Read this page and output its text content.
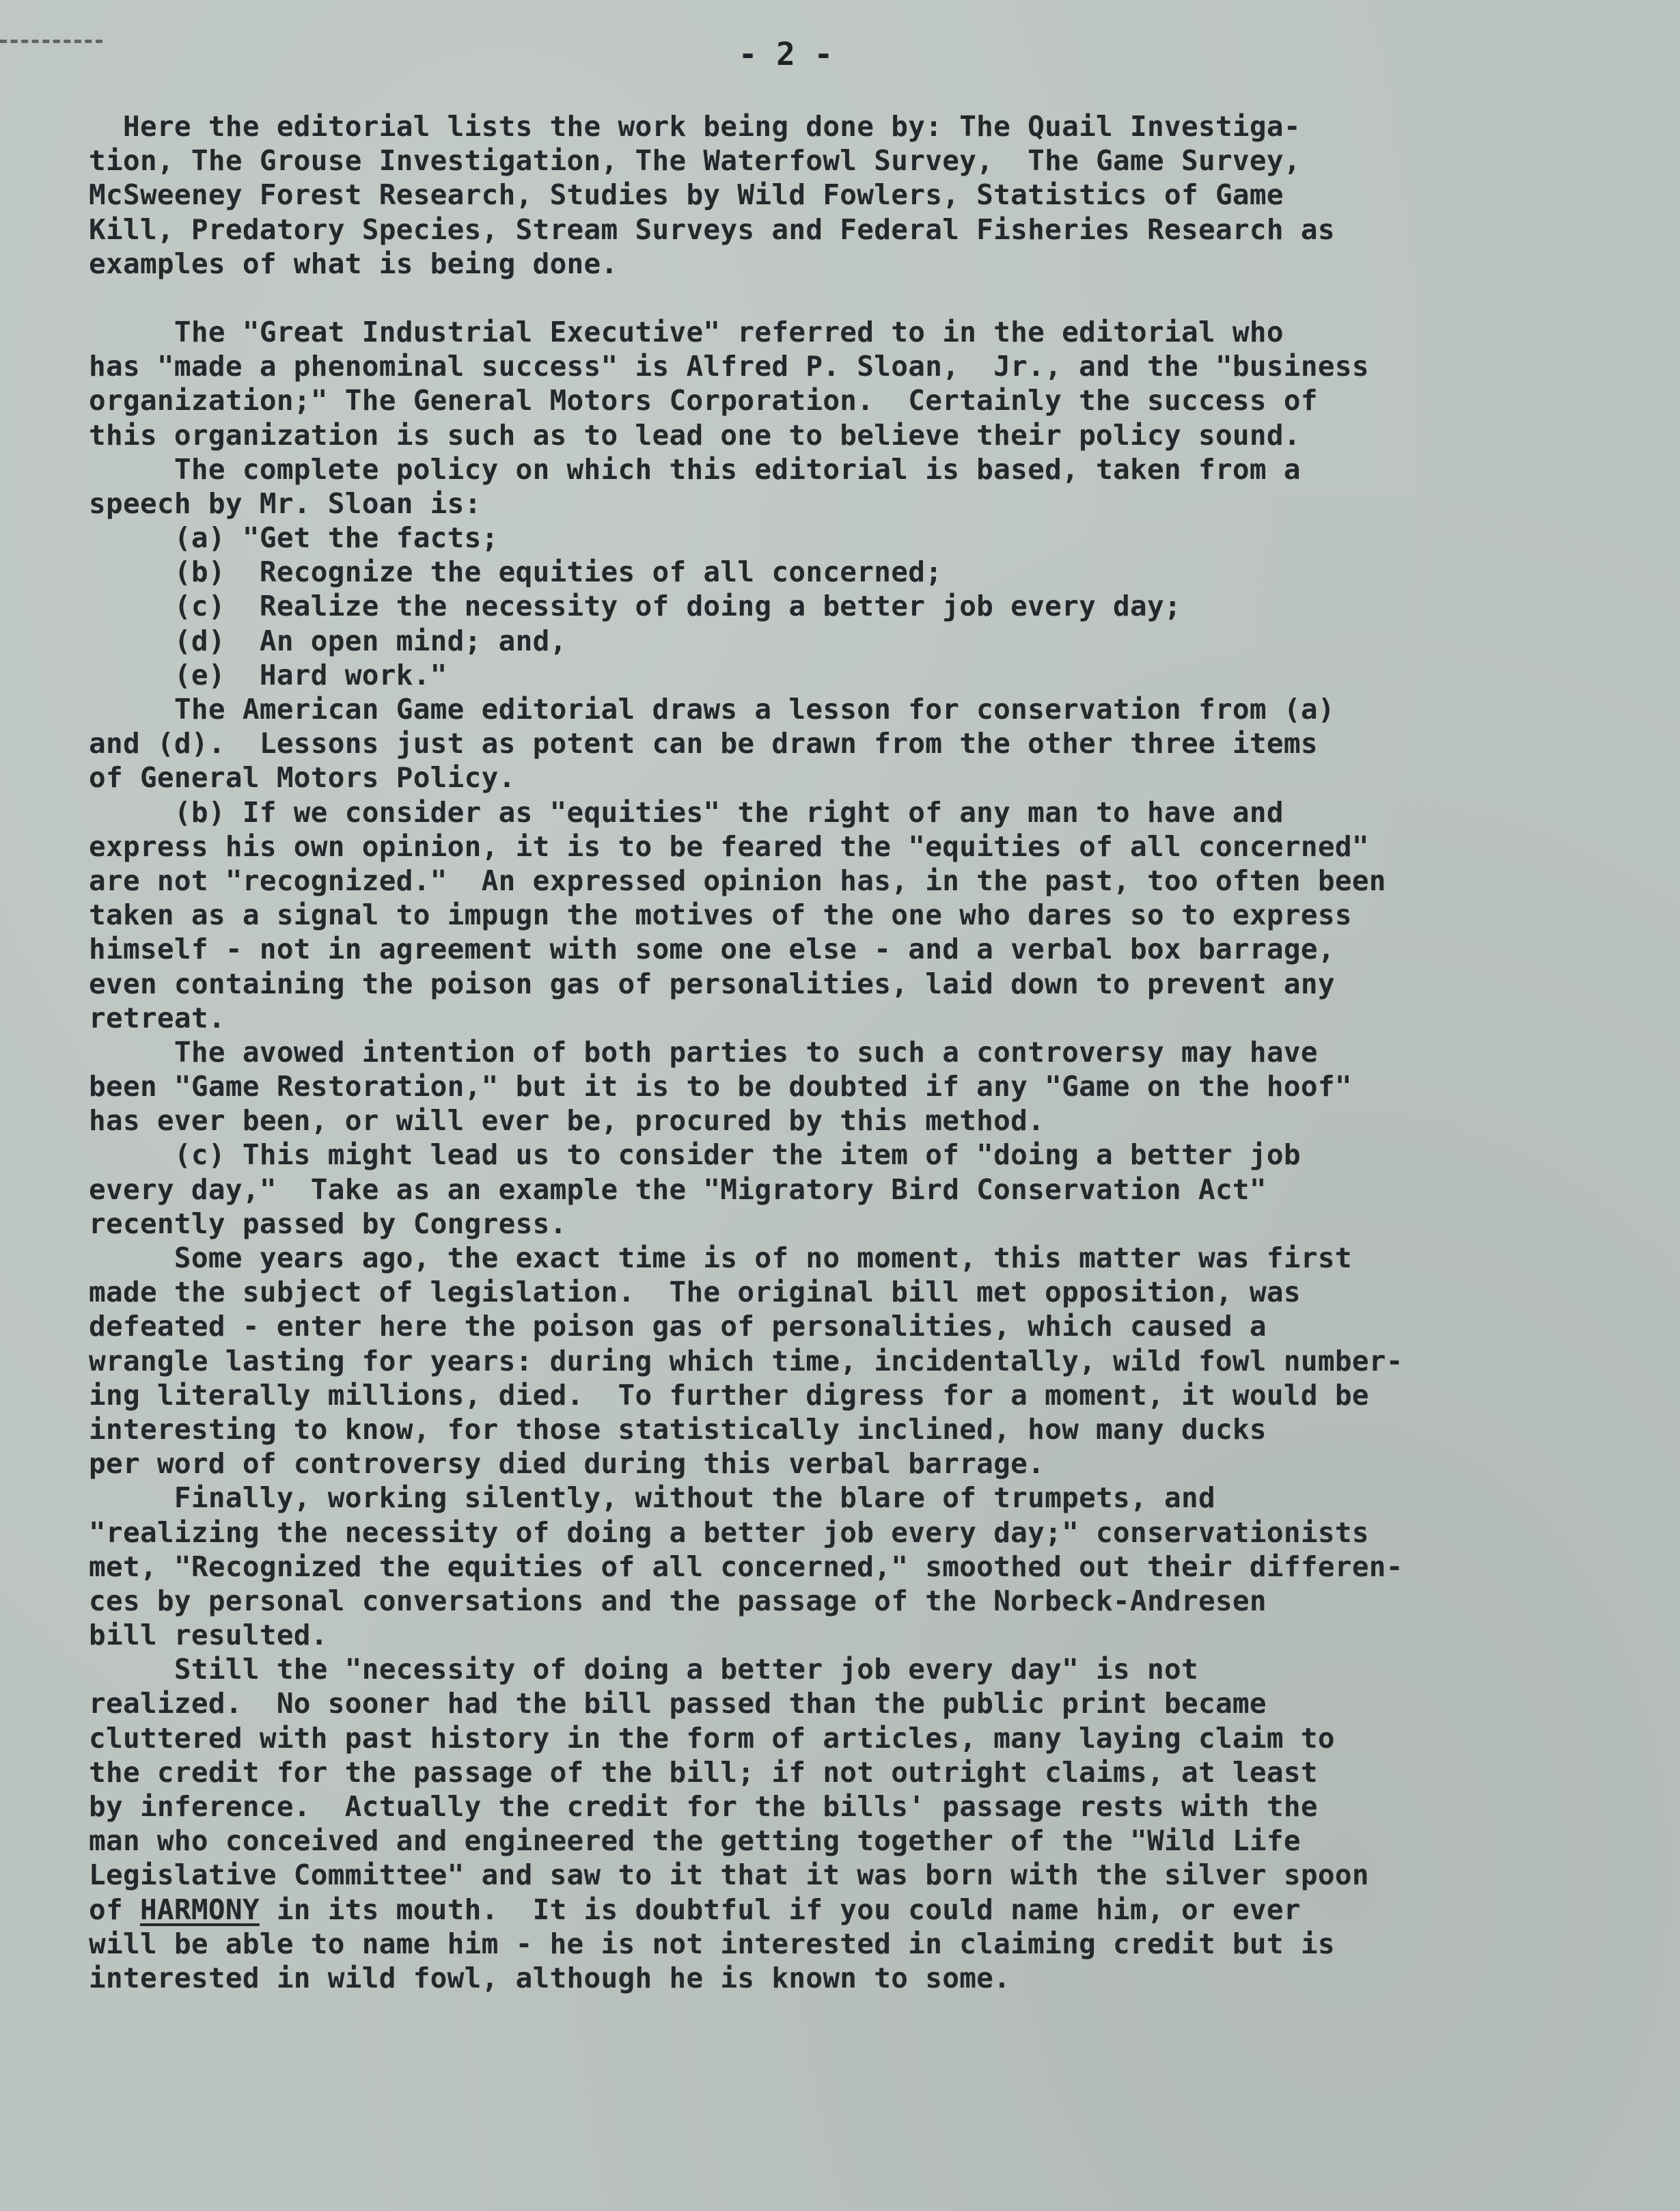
- 2 -
Here the editorial lists the work being done by: The Quail Investiga-
tion, The Grouse Investigation, The Waterfowl Survey,  The Game Survey,
McSweeney Forest Research, Studies by Wild Fowlers, Statistics of Game
Kill, Predatory Species, Stream Surveys and Federal Fisheries Research as
examples of what is being done.
The "Great Industrial Executive" referred to in the editorial who
has "made a phenominal success" is Alfred P. Sloan,  Jr., and the "business
organization;" The General Motors Corporation.  Certainly the success of
this organization is such as to lead one to believe their policy sound.
The complete policy on which this editorial is based, taken from a
speech by Mr. Sloan is:
(a) "Get the facts;
(b)  Recognize the equities of all concerned;
(c)  Realize the necessity of doing a better job every day;
(d)  An open mind; and,
(e)  Hard work."
The American Game editorial draws a lesson for conservation from (a)
and (d).  Lessons just as potent can be drawn from the other three items
of General Motors Policy.
(b) If we consider as "equities" the right of any man to have and
express his own opinion, it is to be feared the "equities of all concerned"
are not "recognized."  An expressed opinion has, in the past, too often been
taken as a signal to impugn the motives of the one who dares so to express
himself - not in agreement with some one else - and a verbal box barrage,
even containing the poison gas of personalities, laid down to prevent any
retreat.
The avowed intention of both parties to such a controversy may have
been "Game Restoration," but it is to be doubted if any "Game on the hoof"
has ever been, or will ever be, procured by this method.
(c) This might lead us to consider the item of "doing a better job
every day,"  Take as an example the "Migratory Bird Conservation Act"
recently passed by Congress.
Some years ago, the exact time is of no moment, this matter was first
made the subject of legislation.  The original bill met opposition, was
defeated - enter here the poison gas of personalities, which caused a
wrangle lasting for years: during which time, incidentally, wild fowl number-
ing literally millions, died.  To further digress for a moment, it would be
interesting to know, for those statistically inclined, how many ducks
per word of controversy died during this verbal barrage.
Finally, working silently, without the blare of trumpets, and
"realizing the necessity of doing a better job every day;" conservationists
met, "Recognized the equities of all concerned," smoothed out their differen-
ces by personal conversations and the passage of the Norbeck-Andresen
bill resulted.
Still the "necessity of doing a better job every day" is not
realized.  No sooner had the bill passed than the public print became
cluttered with past history in the form of articles, many laying claim to
the credit for the passage of the bill; if not outright claims, at least
by inference.  Actually the credit for the bills' passage rests with the
man who conceived and engineered the getting together of the "Wild Life
Legislative Committee" and saw to it that it was born with the silver spoon
of HARMONY in its mouth.  It is doubtful if you could name him, or ever
will be able to name him - he is not interested in claiming credit but is
interested in wild fowl, although he is known to some.
